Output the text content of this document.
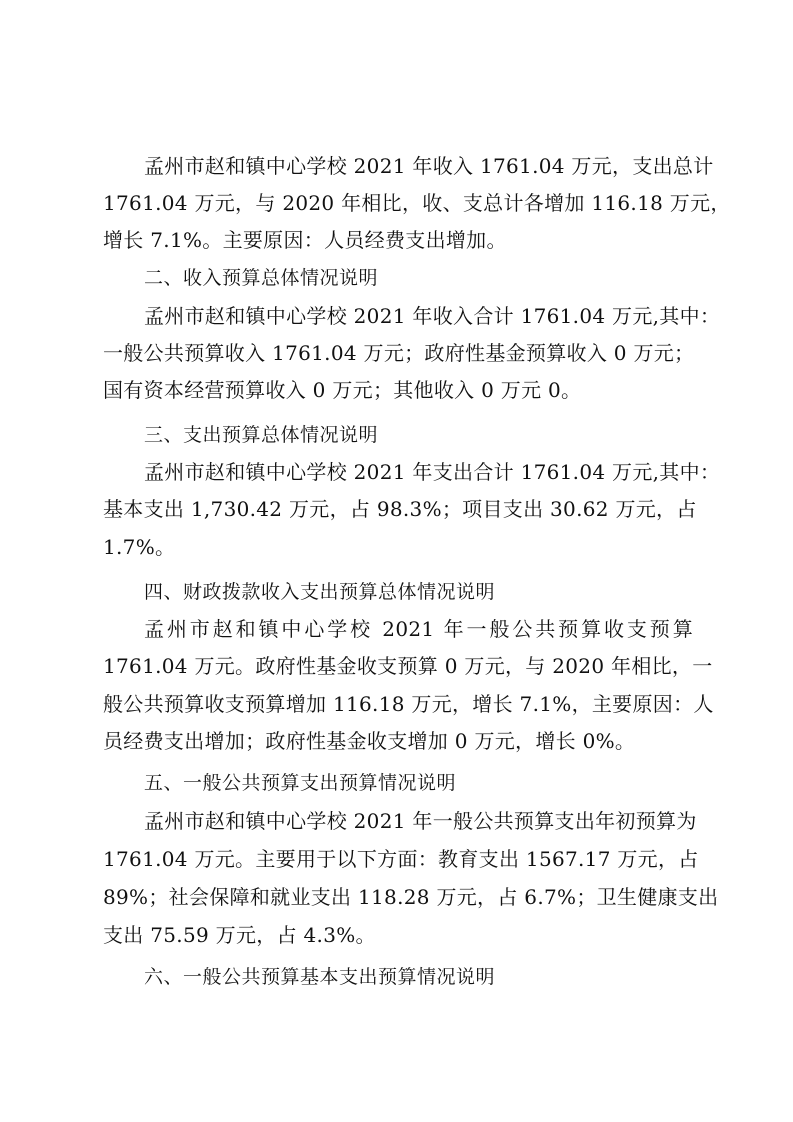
孟州市赵和镇中心学校 2021 年收入 1761.04 万元，支出总计
1761.04 万元，与 2020 年相比，收、支总计各增加 116.18 万元，
增长 7.1%。主要原因：人员经费支出增加。
二、收入预算总体情况说明
孟州市赵和镇中心学校 2021 年收入合计 1761.04 万元,其中：
一般公共预算收入 1761.04 万元；政府性基金预算收入 0 万元；
国有资本经营预算收入 0 万元；其他收入 0 万元 0。
三、支出预算总体情况说明
孟州市赵和镇中心学校 2021 年支出合计 1761.04 万元,其中：
基本支出 1,730.42 万元，占 98.3%；项目支出 30.62 万元，占
1.7%。
四、财政拨款收入支出预算总体情况说明
孟州市赵和镇中心学校 2021 年一般公共预算收支预算
1761.04 万元。政府性基金收支预算 0 万元，与 2020 年相比，一
般公共预算收支预算增加 116.18 万元，增长 7.1%，主要原因：人
员经费支出增加；政府性基金收支增加 0 万元，增长 0%。
五、一般公共预算支出预算情况说明
孟州市赵和镇中心学校 2021 年一般公共预算支出年初预算为
1761.04 万元。主要用于以下方面：教育支出 1567.17 万元，占
89%；社会保障和就业支出 118.28 万元，占 6.7%；卫生健康支出
支出 75.59 万元，占 4.3%。
六、一般公共预算基本支出预算情况说明
